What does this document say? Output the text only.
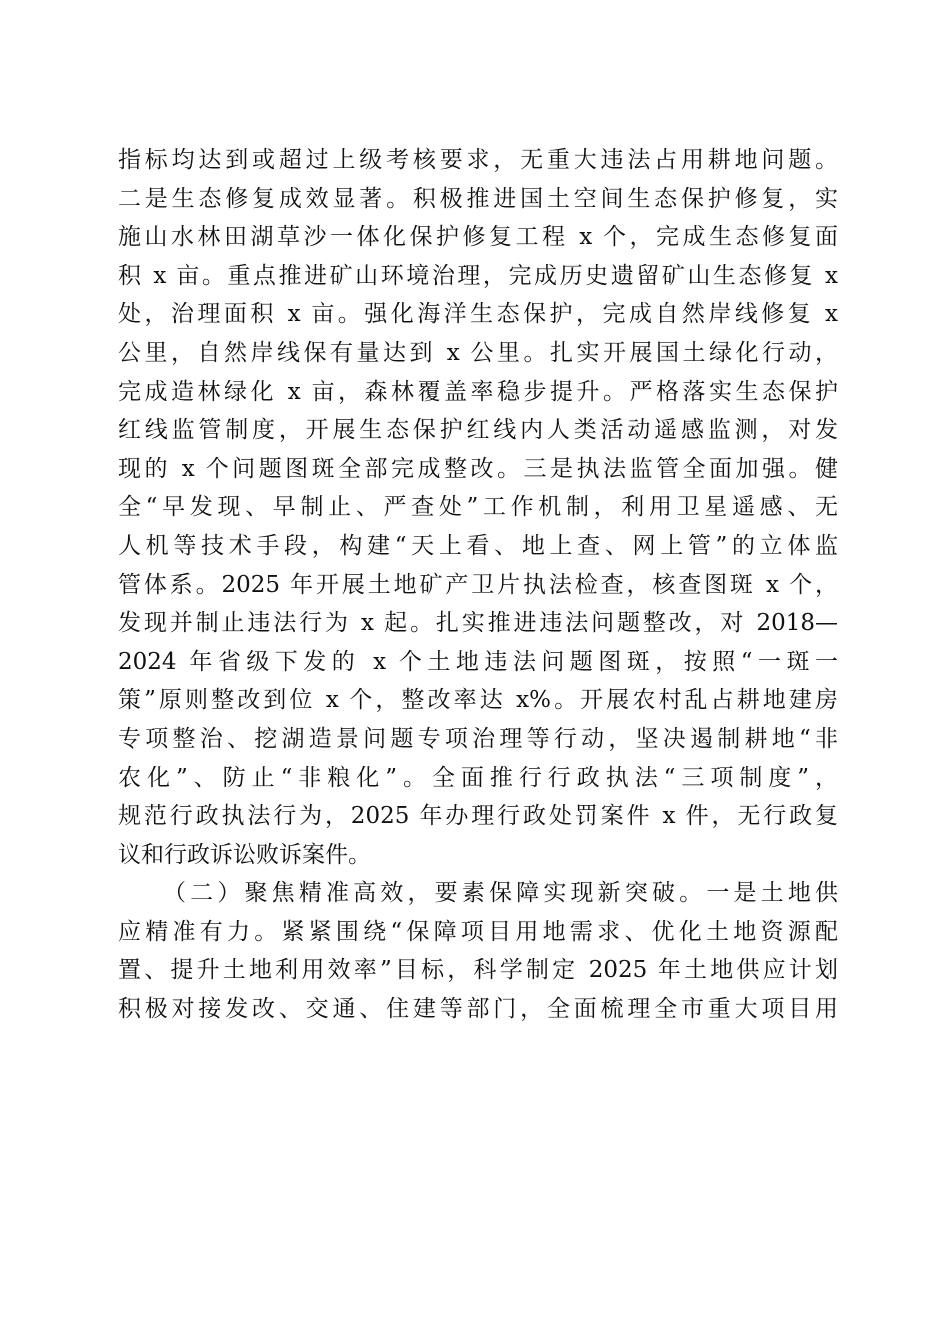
指标均达到或超过上级考核要求，无重大违法占用耕地问题。
二是生态修复成效显著。积极推进国土空间生态保护修复，实
施山水林田湖草沙一体化保护修复工程 x 个，完成生态修复面
积 x 亩。重点推进矿山环境治理，完成历史遗留矿山生态修复 x
处，治理面积 x 亩。强化海洋生态保护，完成自然岸线修复 x
公里，自然岸线保有量达到 x 公里。扎实开展国土绿化行动，
完成造林绿化 x 亩，森林覆盖率稳步提升。严格落实生态保护
红线监管制度，开展生态保护红线内人类活动遥感监测，对发
现的 x 个问题图斑全部完成整改。三是执法监管全面加强。健
全“早发现、早制止、严查处”工作机制，利用卫星遥感、无
人机等技术手段，构建“天上看、地上查、网上管”的立体监
管体系。2025 年开展土地矿产卫片执法检查，核查图斑 x 个，
发现并制止违法行为 x 起。扎实推进违法问题整改，对 2018—
2024 年省级下发的 x 个土地违法问题图斑，按照“一斑一
策”原则整改到位 x 个，整改率达 x%。开展农村乱占耕地建房
专项整治、挖湖造景问题专项治理等行动，坚决遏制耕地“非
农化”、防止“非粮化”。全面推行行政执法“三项制度”，
规范行政执法行为，2025 年办理行政处罚案件 x 件，无行政复
议和行政诉讼败诉案件。
（二）聚焦精准高效，要素保障实现新突破。一是土地供
应精准有力。紧紧围绕“保障项目用地需求、优化土地资源配
置、提升土地利用效率”目标，科学制定 2025 年土地供应计划
积极对接发改、交通、住建等部门，全面梳理全市重大项目用
